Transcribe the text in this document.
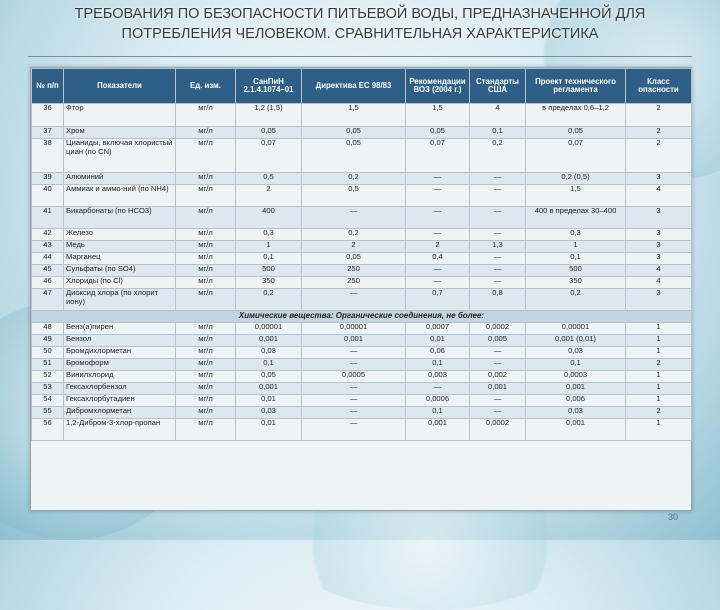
ТРЕБОВАНИЯ ПО БЕЗОПАСНОСТИ ПИТЬЕВОЙ ВОДЫ, ПРЕДНАЗНАЧЕННОЙ ДЛЯ
ПОТРЕБЛЕНИЯ ЧЕЛОВЕКОМ. СРАВНИТЕЛЬНАЯ ХАРАКТЕРИСТИКА
№ п/п	Показатели	Ед. изм.	СанПиН 2.1.4.1074–01	Директива ЕС 98/83	Рекомендации ВОЗ (2004 г.)	Стандарты США	Проект технического регламента	Класс опасности
36	Фтор	мг/л	1,2 (1,5)	1,5	1,5	4	в пределах 0,6–1,2	2
37	Хром	мг/л	0,05	0,05	0,05	0,1	0,05	2
38	Цианиды, включая хлористый циан (по CN)	мг/л	0,07	0,05	0,07	0,2	0,07	2
39	Алюминий	мг/л	0,5	0,2	—	—	0,2 (0,5)	3
40	Аммиак и аммо-ний (по NH4)	мг/л	2	0,5	—	—	1,5	4
41	Бикарбонаты (по HCO3)	мг/л	400	—	—	—	400 в пределах 30–400	3
42	Железо	мг/л	0,3	0,2	—	—	0,3	3
43	Медь	мг/л	1	2	2	1,3	1	3
44	Марганец	мг/л	0,1	0,05	0,4	—	0,1	3
45	Сульфаты (по SO4)	мг/л	500	250	—	—	500	4
46	Хлориды (по Cl)	мг/л	350	250	—	—	350	4
47	Диоксид хлора (по хлорит иону)	мг/л	0,2	—	0,7	0,8	0,2	3
Химические вещества: Органические соединения, не более:								
48	Бенз(а)пирен	мг/л	0,00001	0,00001	0,0007	0,0002	0,00001	1
49	Бензол	мг/л	0,001	0,001	0,01	0,005	0,001 (0,01)	1
50	Бромдихлорметан	мг/л	0,03	—	0,06	—	0,03	1
51	Бромоформ	мг/л	0,1	—	0,1	—	0,1	2
52	Винилхлорид	мг/л	0,05	0,0005	0,003	0,002	0,0003	1
53	Гексахлорбензол	мг/л	0,001	—	—	0,001	0,001	1
54	Гексахлорбутадиен	мг/л	0,01	—	0,0006	—	0,006	1
55	Дибромхлорметан	мг/л	0,03	—	0,1	—	0,03	2
56	1,2-Дибром-3-хлор-пропан	мг/л	0,01	—	0,001	0,0002	0,001	1
30
